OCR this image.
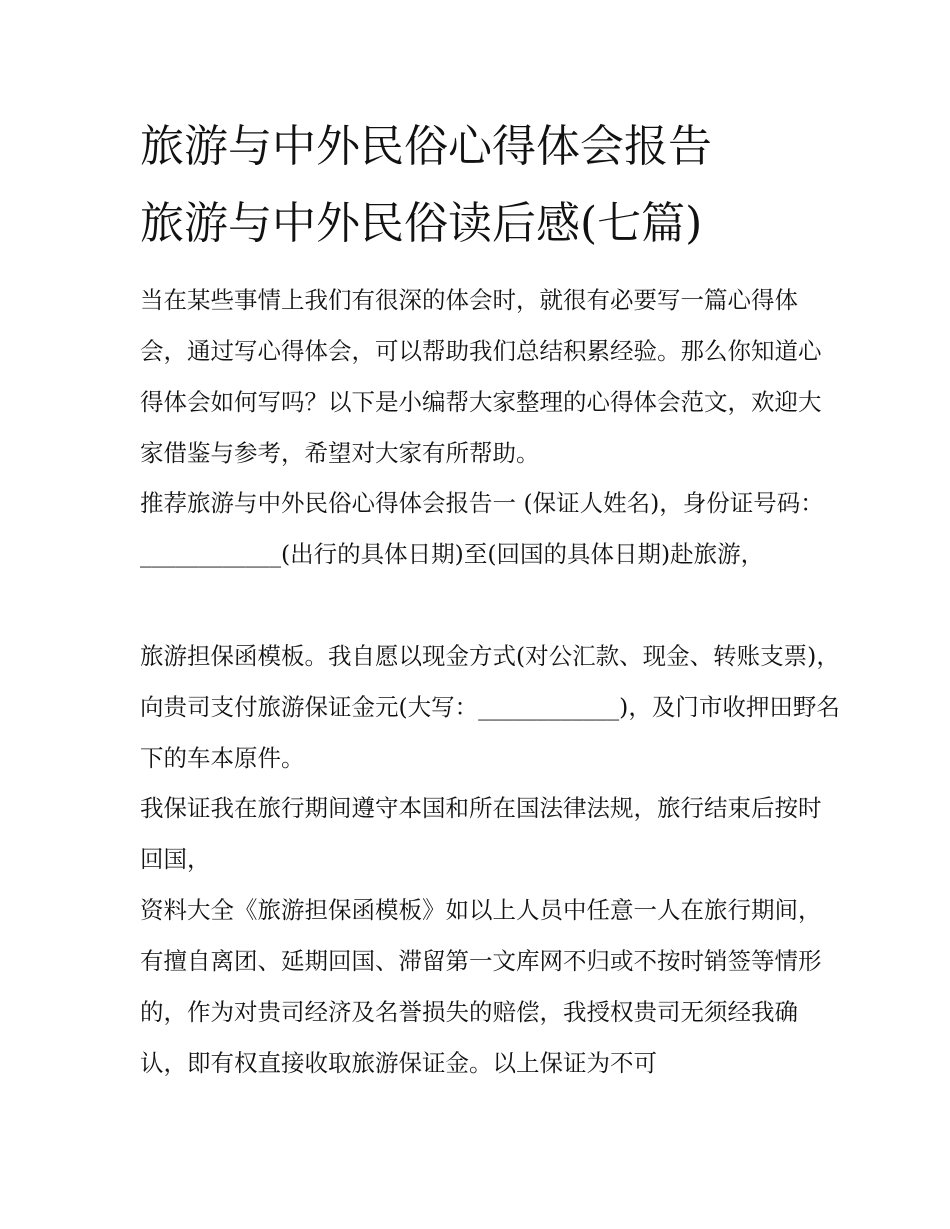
旅游与中外民俗心得体会报告
旅游与中外民俗读后感(七篇)

当在某些事情上我们有很深的体会时，就很有必要写一篇心得体会，通过写心得体会，可以帮助我们总结积累经验。那么你知道心得体会如何写吗？以下是小编帮大家整理的心得体会范文，欢迎大家借鉴与参考，希望对大家有所帮助。

推荐旅游与中外民俗心得体会报告一 (保证人姓名)，身份证号码：____________(出行的具体日期)至(回国的具体日期)赴旅游，

旅游担保函模板。我自愿以现金方式(对公汇款、现金、转账支票)，向贵司支付旅游保证金元(大写：____________)，及门市收押田野名下的车本原件。

我保证我在旅行期间遵守本国和所在国法律法规，旅行结束后按时回国，

资料大全《旅游担保函模板》如以上人员中任意一人在旅行期间，有擅自离团、延期回国、滞留第一文库网不归或不按时销签等情形的，作为对贵司经济及名誉损失的赔偿，我授权贵司无须经我确认，即有权直接收取旅游保证金。以上保证为不可
